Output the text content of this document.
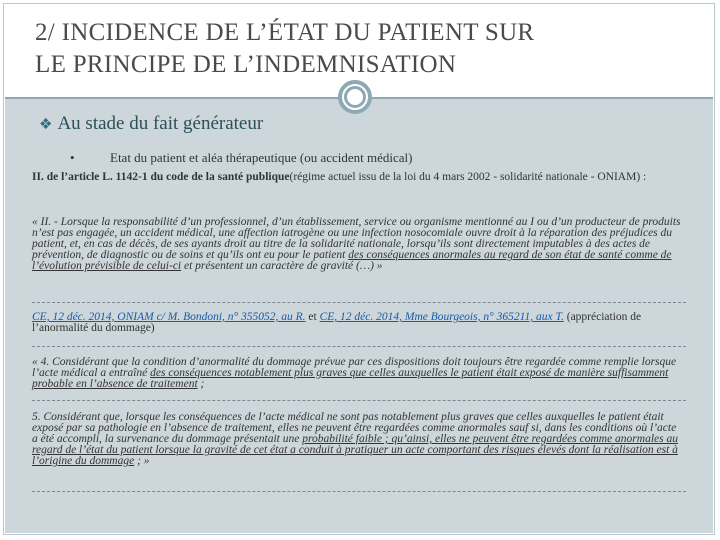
2/ INCIDENCE DE L’ÉTAT DU PATIENT SUR
LE PRINCIPE DE L’INDEMNISATION
❖ Au stade du fait générateur
•	Etat du patient et aléa thérapeutique (ou accident médical)

II. de l’article L. 1142-1 du code de la santé publique(régime actuel issu de la loi du 4 mars 2002 - solidarité nationale - ONIAM) :

« II. - Lorsque la responsabilité d’un professionnel, d’un établissement, service ou organisme mentionné au I ou d’un producteur de produits n’est pas engagée, un accident médical, une affection iatrogène ou une infection nosocomiale ouvre droit à la réparation des préjudices du patient, et, en cas de décès, de ses ayants droit au titre de la solidarité nationale, lorsqu’ils sont directement imputables à des actes de prévention, de diagnostic ou de soins et qu’ils ont eu pour le patient des conséquences anormales au regard de son état de santé comme de l’évolution prévisible de celui-ci et présentent un caractère de gravité (…) »

CE, 12 déc. 2014, ONIAM c/ M. Bondoni, n° 355052, au R. et CE, 12 déc. 2014, Mme Bourgeois, n° 365211, aux T. (appréciation de l’anormalité du dommage)

« 4. Considérant que la condition d’anormalité du dommage prévue par ces dispositions doit toujours être regardée comme remplie lorsque l’acte médical a entraîné des conséquences notablement plus graves que celles auxquelles le patient était exposé de manière suffisamment probable en l’absence de traitement ;

5. Considérant que, lorsque les conséquences de l’acte médical ne sont pas notablement plus graves que celles auxquelles le patient était exposé par sa pathologie en l’absence de traitement, elles ne peuvent être regardées comme anormales sauf si, dans les conditions où l’acte a été accompli, la survenance du dommage présentait une probabilité faible ; qu’ainsi, elles ne peuvent être regardées comme anormales au regard de l’état du patient lorsque la gravité de cet état a conduit à pratiquer un acte comportant des risques élevés dont la réalisation est à l’origine du dommage ; »
